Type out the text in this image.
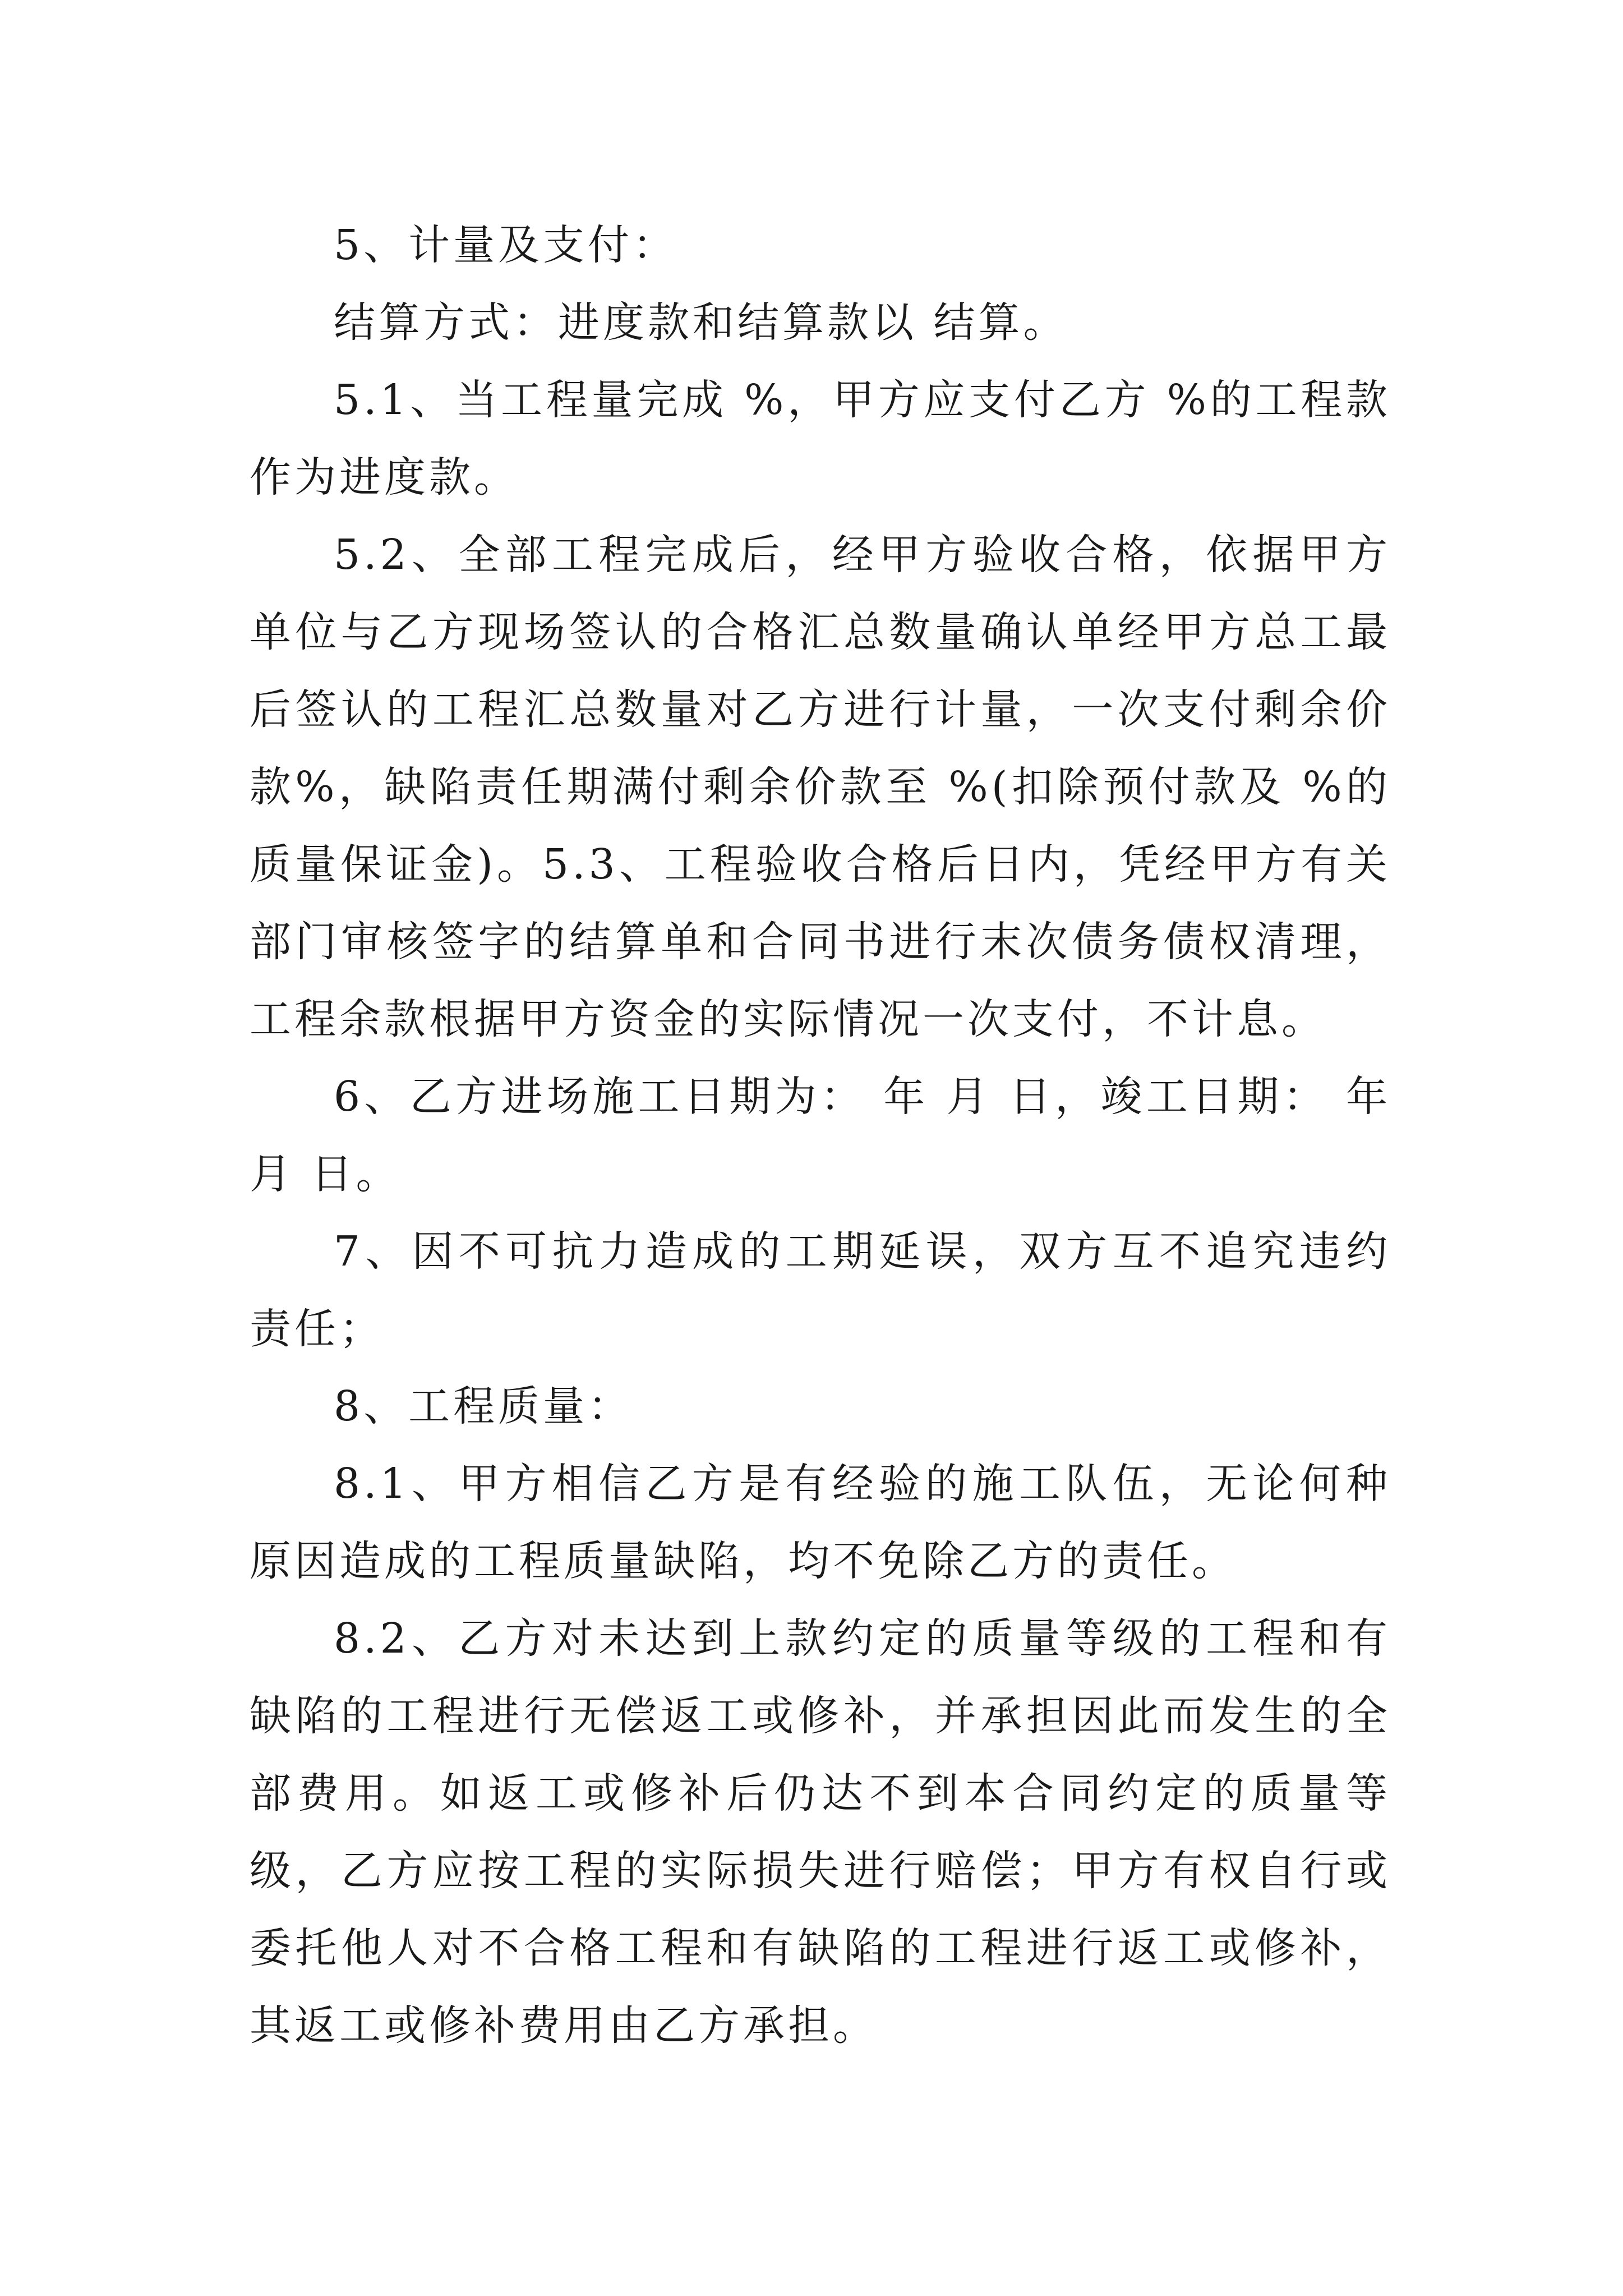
5、计量及支付：

结算方式：进度款和结算款以 结算。

5.1、当工程量完成 %，甲方应支付乙方 %的工程款作为进度款。

5.2、全部工程完成后，经甲方验收合格，依据甲方单位与乙方现场签认的合格汇总数量确认单经甲方总工最后签认的工程汇总数量对乙方进行计量，一次支付剩余价款%，缺陷责任期满付剩余价款至 %(扣除预付款及 %的质量保证金)。5.3、工程验收合格后日内，凭经甲方有关部门审核签字的结算单和合同书进行末次债务债权清理，工程余款根据甲方资金的实际情况一次支付，不计息。

6、乙方进场施工日期为： 年 月 日，竣工日期： 年月 日。

7、因不可抗力造成的工期延误，双方互不追究违约责任；

8、工程质量：

8.1、甲方相信乙方是有经验的施工队伍，无论何种原因造成的工程质量缺陷，均不免除乙方的责任。

8.2、乙方对未达到上款约定的质量等级的工程和有缺陷的工程进行无偿返工或修补，并承担因此而发生的全部费用。如返工或修补后仍达不到本合同约定的质量等级，乙方应按工程的实际损失进行赔偿；甲方有权自行或委托他人对不合格工程和有缺陷的工程进行返工或修补，其返工或修补费用由乙方承担。
